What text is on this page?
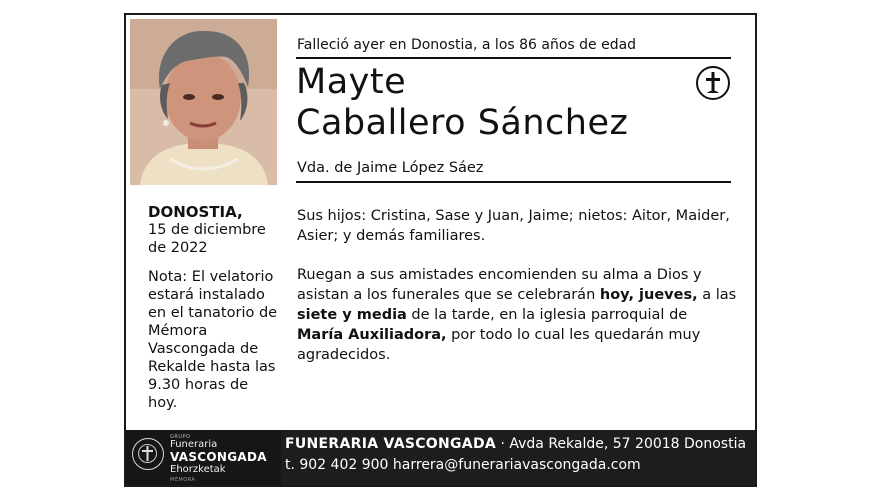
Falleció ayer en Donostia, a los 86 años de edad
Mayte
Caballero Sánchez
Vda. de Jaime López Sáez
DONOSTIA,
15 de diciembre de 2022
Nota: El velatorio estará instalado en el tanatorio de Mémora Vascongada de Rekalde hasta las 9.30 horas de hoy.
Sus hijos: Cristina, Sase y Juan, Jaime; nietos: Aitor, Maider, Asier; y demás familiares.
Ruegan a sus amistades encomienden su alma a Dios y asistan a los funerales que se celebrarán hoy, jueves, a las siete y media de la tarde, en la iglesia parroquial de María Auxiliadora, por todo lo cual les quedarán muy agradecidos.
GRUPO
Funeraria
VASCONGADA
Ehorzketak
MÉMORA
FUNERARIA VASCONGADA · Avda Rekalde, 57 20018 Donostia
t. 902 402 900 harrera@funerariavascongada.com
